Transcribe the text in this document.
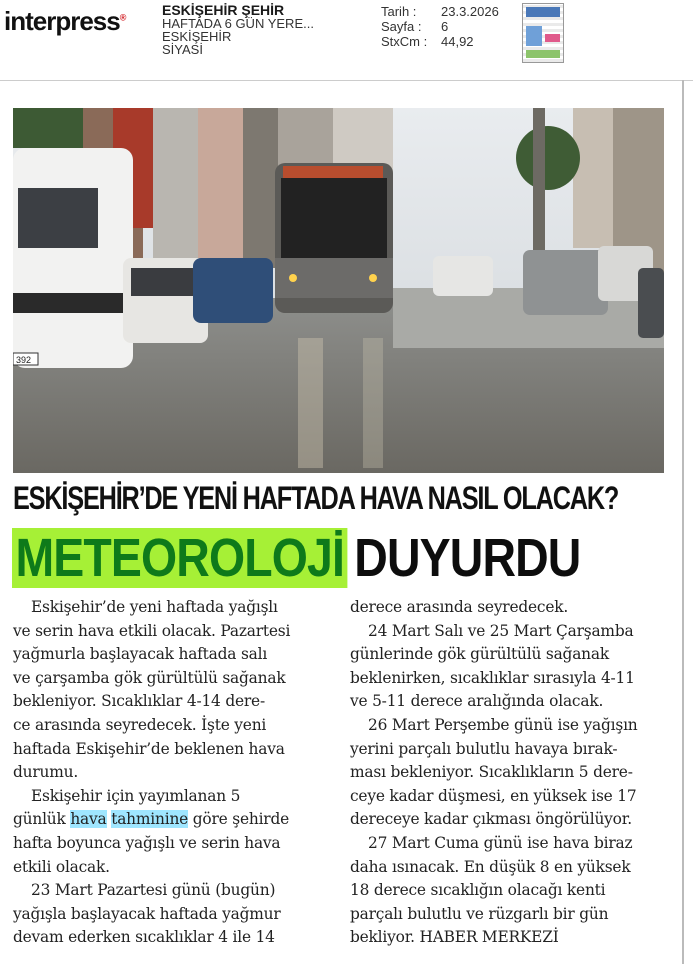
interpress®	ESKİŞEHİR ŞEHİR
HAFTADA 6 GÜN YERE...
ESKİŞEHİR
SİYASİ
Tarih :	23.3.2026
Sayfa :	6
StxCm :	44,92
392
ESKİŞEHİR’DE YENİ HAFTADA HAVA NASIL OLACAK?
METEOROLOJİ DUYURDU
Eskişehir’de yeni haftada yağışlı
ve serin hava etkili olacak. Pazartesi
yağmurla başlayacak haftada salı
ve çarşamba gök gürültülü sağanak
bekleniyor. Sıcaklıklar 4-14 dere-
ce arasında seyredecek. İşte yeni
haftada Eskişehir’de beklenen hava
durumu.
Eskişehir için yayımlanan 5
günlük hava tahminine göre şehirde
hafta boyunca yağışlı ve serin hava
etkili olacak.
23 Mart Pazartesi günü (bugün)
yağışla başlayacak haftada yağmur
devam ederken sıcaklıklar 4 ile 14
derece arasında seyredecek.
24 Mart Salı ve 25 Mart Çarşamba
günlerinde gök gürültülü sağanak
beklenirken, sıcaklıklar sırasıyla 4-11
ve 5-11 derece aralığında olacak.
26 Mart Perşembe günü ise yağışın
yerini parçalı bulutlu havaya bırak-
ması bekleniyor. Sıcaklıkların 5 dere-
ceye kadar düşmesi, en yüksek ise 17
dereceye kadar çıkması öngörülüyor.
27 Mart Cuma günü ise hava biraz
daha ısınacak. En düşük 8 en yüksek
18 derece sıcaklığın olacağı kenti
parçalı bulutlu ve rüzgarlı bir gün
bekliyor. HABER MERKEZİ
